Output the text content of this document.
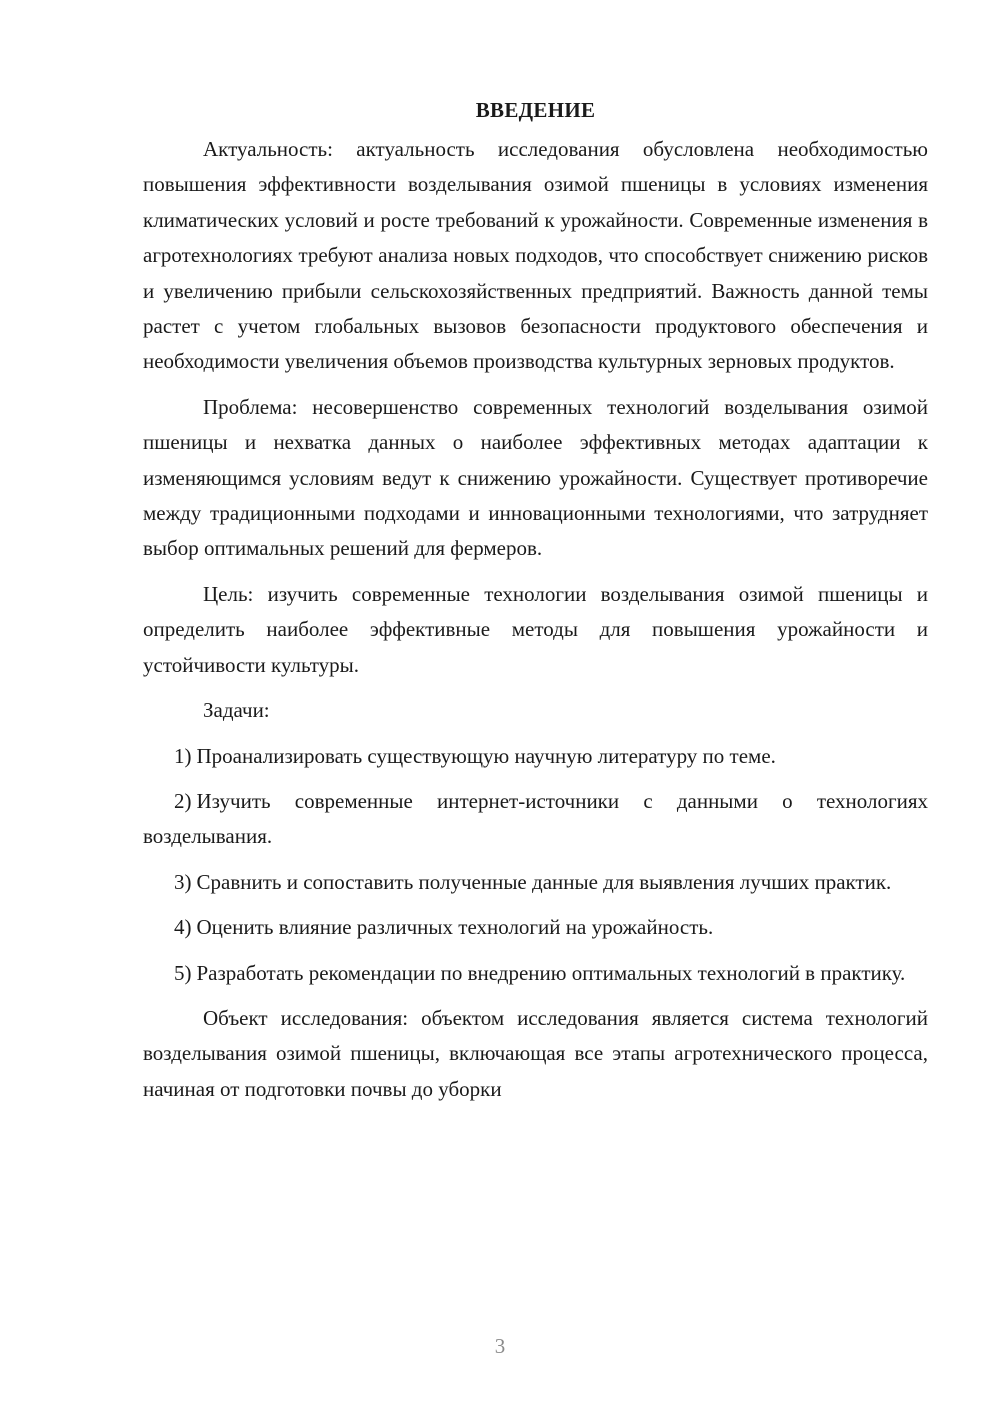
ВВЕДЕНИЕ

Актуальность: актуальность исследования обусловлена необходимостью повышения эффективности возделывания озимой пшеницы в условиях изменения климатических условий и росте требований к урожайности. Современные изменения в агротехнологиях требуют анализа новых подходов, что способствует снижению рисков и увеличению прибыли сельскохозяйственных предприятий. Важность данной темы растет с учетом глобальных вызовов безопасности продуктового обеспечения и необходимости увеличения объемов производства культурных зерновых продуктов.

Проблема: несовершенство современных технологий возделывания озимой пшеницы и нехватка данных о наиболее эффективных методах адаптации к изменяющимся условиям ведут к снижению урожайности. Существует противоречие между традиционными подходами и инновационными технологиями, что затрудняет выбор оптимальных решений для фермеров.

Цель: изучить современные технологии возделывания озимой пшеницы и определить наиболее эффективные методы для повышения урожайности и устойчивости культуры.

Задачи:

1) Проанализировать существующую научную литературу по теме.

2) Изучить современные интернет-источники с данными о технологиях возделывания.

3) Сравнить и сопоставить полученные данные для выявления лучших практик.

4) Оценить влияние различных технологий на урожайность.

5) Разработать рекомендации по внедрению оптимальных технологий в практику.

Объект исследования: объектом исследования является система технологий возделывания озимой пшеницы, включающая все этапы агротехнического процесса, начиная от подготовки почвы до уборки

3
